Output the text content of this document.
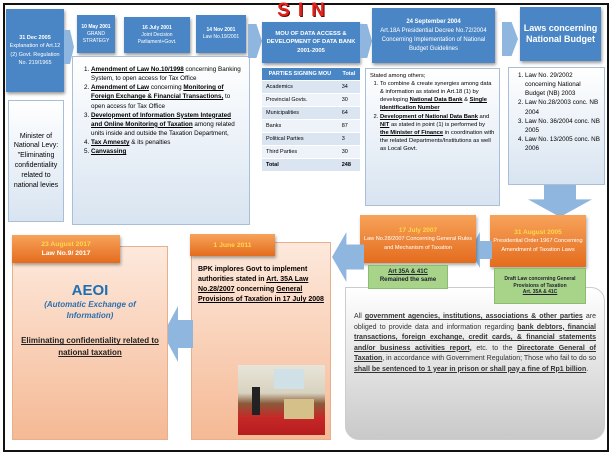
31 Dec 2005
Explanation of Art.12 (2) Govt. Regulation No. 219/1965
Minister of National Levy: "Eliminating confidentiality related to national levies
10 May 2001
GRAND STRATEGY
16 July 2001
Joint Decision Parliament+Govt.
14 Nov 2001
Law No.19/2001
1. Amendment of Law No.10/1998 concerning Banking System, to open access for Tax Office
2. Amendment of Law concerning Monitoring of Foreign Exchange & Financial Transactions, to open access for Tax Office
3. Development of Information System Integrated and Online Monitoring of Taxation among related units inside and outside the Taxation Department,
4. Tax Amnesty & its penalties
5. Canvassing
SIN
MOU OF DATA ACCESS & DEVELOPMENT OF DATA BANK 2001-2005
PARTIES SIGNING MOU	Total
Academics	34
Provincial Govts.	30
Municipalities	64
Banks	87
Political Parties	3
Third Parties	30
Total	248
24 September 2004
Art.18A Presidential Decree No.72/2004 Concerning Implementation of National Budget Guidelines
Stated among others;
1. To combine & create synergies among data & information as stated in Art.18 (1) by developing National Data Bank & Single Identification Number
2. Development of National Data Bank and NIT as stated in point (1) is performed by the Minister of Finance in coordination with the related Departments/Institutions as well as Local Govt.
Laws concerning National Budget
1. Law No. 29/2002 concerning National Budget (NB) 2003
2. Law No.28/2003 conc. NB 2004
3. Law No. 36/2004 conc. NB 2005
4. Law No. 13/2005 conc. NB 2006
31 August 2005
Presidential Order 1967 Concerning Amendment of Taxation Laws
Draft Law concerning General Provisions of Taxation
Art. 35A & 41C
17 July 2007
Law No.28/2007 Concerning General Rules and Mechanism of Taxation
Art 35A & 41C
Remained the same
All government agencies, institutions, associations & other parties are obliged to provide data and information regarding bank debtors, financial transactions, foreign exchange, credit cards, & financial statements and/or business activities report, etc. to the Directorate General of Taxation, in accordance with Government Regulation; Those who fail to do so shall be sentenced to 1 year in prison or shall pay a fine of Rp1 billion.
BPK implores Govt to implement authorities stated in Art. 35A Law No.28/2007 concerning General Provisions of Taxation in 17 July 2008
1 June 2011
AEOI
(Automatic Exchange of Information)
Eliminating confidentiality related to national taxation
23 August 2017
Law No.9/ 2017
